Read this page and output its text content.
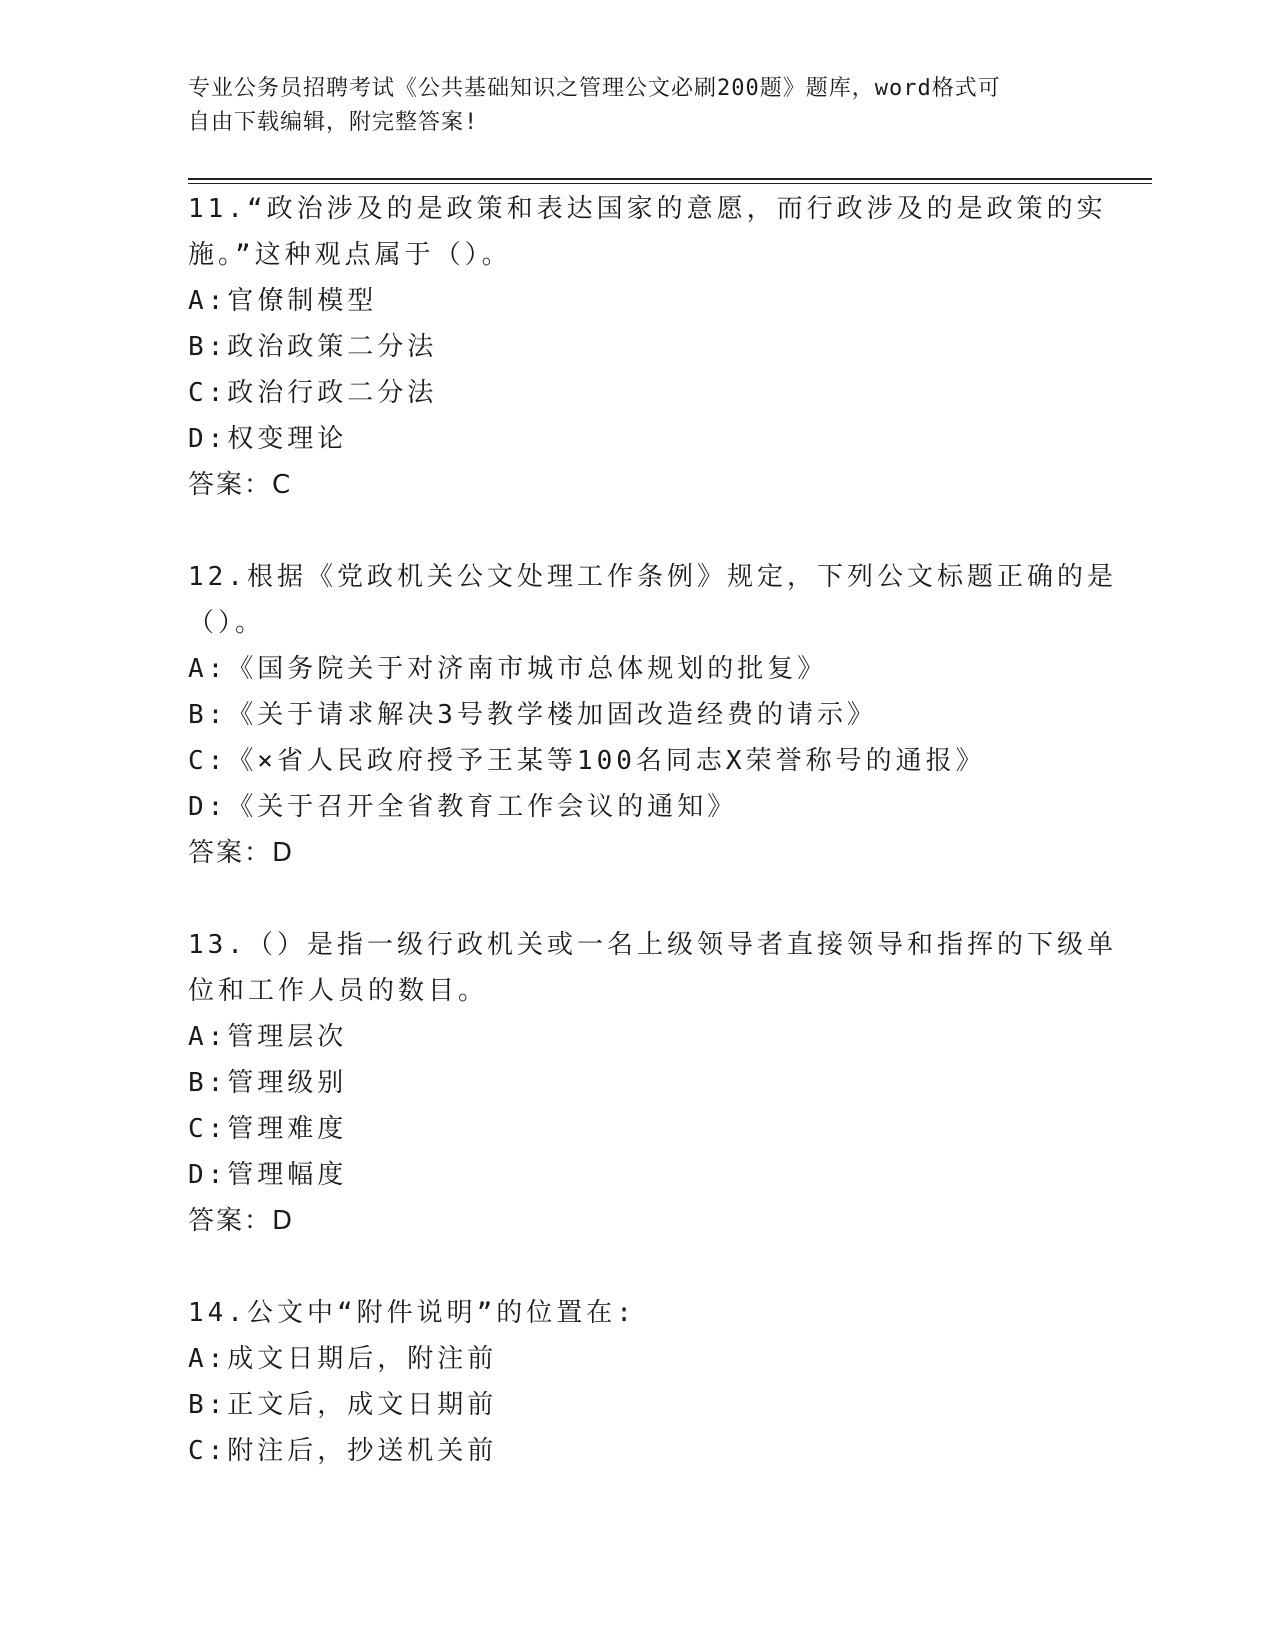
专业公务员招聘考试《公共基础知识之管理公文必刷200题》题库，word格式可
自由下载编辑，附完整答案!
11.“政治涉及的是政策和表达国家的意愿，而行政涉及的是政策的实
施。”这种观点属于（）。
A:官僚制模型
B:政治政策二分法
C:政治行政二分法
D:权变理论
答案：C
12.根据《党政机关公文处理工作条例》规定，下列公文标题正确的是
（）。
A:《国务院关于对济南市城市总体规划的批复》
B:《关于请求解决3号教学楼加固改造经费的请示》
C:《×省人民政府授予王某等100名同志X荣誉称号的通报》
D:《关于召开全省教育工作会议的通知》
答案：D
13.（）是指一级行政机关或一名上级领导者直接领导和指挥的下级单
位和工作人员的数目。
A:管理层次
B:管理级别
C:管理难度
D:管理幅度
答案：D
14.公文中“附件说明”的位置在:
A:成文日期后，附注前
B:正文后，成文日期前
C:附注后，抄送机关前
